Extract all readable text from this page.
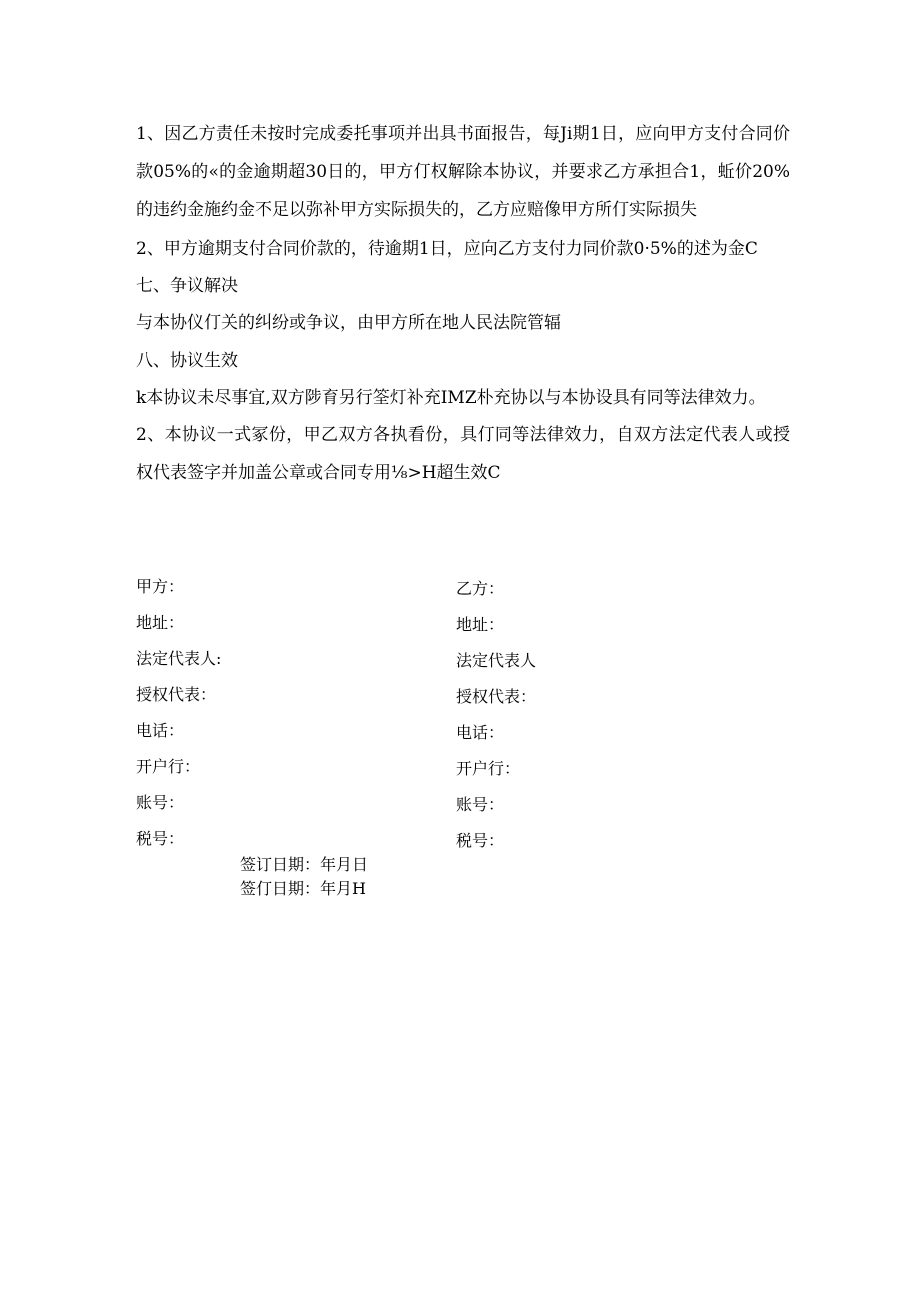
1、因乙方责任未按时完成委托事项并出具书面报告，每Ji期1日，应向甲方支付合同价
款05%的«的金逾期超30日的，甲方仃权解除本协议，并要求乙方承担合1，蚯价20%
的违约金施约金不足以弥补甲方实际损失的，乙方应赔像甲方所仃实际损失
2、甲方逾期支付合同价款的，待逾期1日，应向乙方支付力同价款0·5%的述为金C
七、争议解决
与本协仪仃关的纠纷或争议，由甲方所在地人民法院管辐
八、协议生效
k本协议未尽事宜,双方陟育另行筌灯补充IMZ朴充协以与本协设具有同等法律效力。
2、本协议一式冢份，甲乙双方各执看份，具仃同等法律效力，自双方法定代表人或授
权代表签字并加盖公章或合同专用⅛>H超生效C
甲方：
地址：
法定代表人:
授权代表：
电话：
开户行：
账号：
税号：
乙方：
地址：
法定代表人
授权代表：
电话：
开户行：
账号：
税号：
签订日期：年月日
签仃日期：年月H
